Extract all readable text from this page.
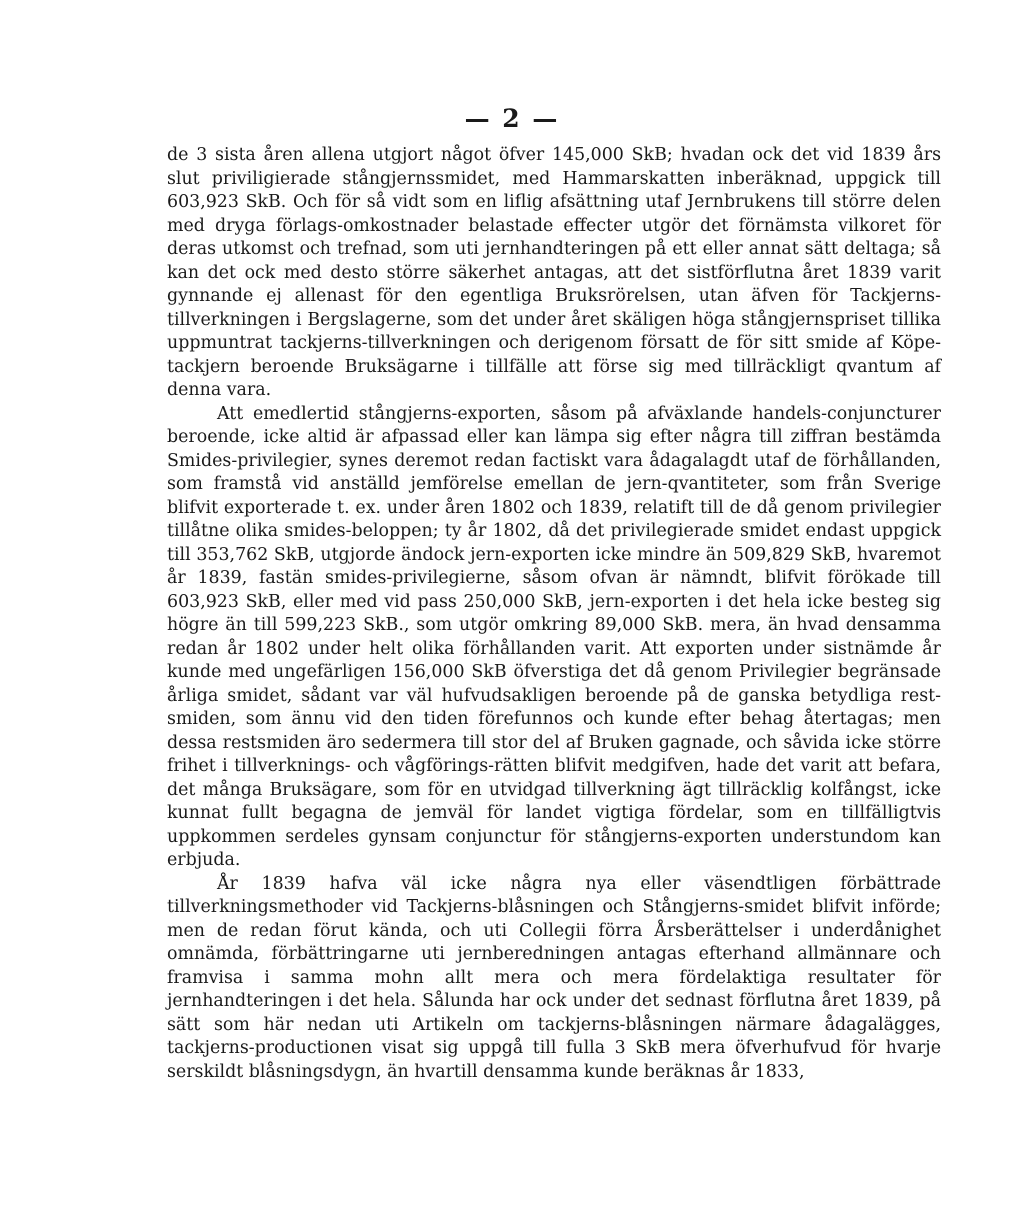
— 2 —

de 3 sista åren allena utgjort något öfver 145,000 SkB; hvadan ock det vid 1839 års slut priviligierade stångjernssmidet, med Hammarskatten inberäknad, uppgick till 603,923 SkB. Och för så vidt som en liflig afsättning utaf Jernbrukens till större delen med dryga förlags-omkostnader belastade effecter utgör det förnämsta vilkoret för deras utkomst och trefnad, som uti jernhandteringen på ett eller annat sätt deltaga; så kan det ock med desto större säkerhet antagas, att det sistförflutna året 1839 varit gynnande ej allenast för den egentliga Bruksrörelsen, utan äfven för Tackjerns-tillverkningen i Bergslagerne, som det under året skäligen höga stångjernspriset tillika uppmuntrat tackjerns-tillverkningen och derigenom försatt de för sitt smide af Köpe-tackjern beroende Bruksägarne i tillfälle att förse sig med tillräckligt qvantum af denna vara.

Att emedlertid stångjerns-exporten, såsom på afväxlande handels-conjuncturer beroende, icke altid är afpassad eller kan lämpa sig efter några till ziffran bestämda Smides-privilegier, synes deremot redan factiskt vara ådagalagdt utaf de förhållanden, som framstå vid anställd jemförelse emellan de jern-qvantiteter, som från Sverige blifvit exporterade t. ex. under åren 1802 och 1839, relatift till de då genom privilegier tillåtne olika smides-beloppen; ty år 1802, då det privilegierade smidet endast uppgick till 353,762 SkB, utgjorde ändock jern-exporten icke mindre än 509,829 SkB, hvaremot år 1839, fastän smides-privilegierne, såsom ofvan är nämndt, blifvit förökade till 603,923 SkB, eller med vid pass 250,000 SkB, jern-exporten i det hela icke besteg sig högre än till 599,223 SkB., som utgör omkring 89,000 SkB. mera, än hvad densamma redan år 1802 under helt olika förhållanden varit. Att exporten under sistnämde år kunde med ungefärligen 156,000 SkB öfverstiga det då genom Privilegier begränsade årliga smidet, sådant var väl hufvudsakligen beroende på de ganska betydliga rest-smiden, som ännu vid den tiden förefunnos och kunde efter behag återtagas; men dessa restsmiden äro sedermera till stor del af Bruken gagnade, och såvida icke större frihet i tillverknings- och vågförings-rätten blifvit medgifven, hade det varit att befara, det många Bruksägare, som för en utvidgad tillverkning ägt tillräcklig kolfångst, icke kunnat fullt begagna de jemväl för landet vigtiga fördelar, som en tillfälligtvis uppkommen serdeles gynsam conjunctur för stångjerns-exporten understundom kan erbjuda.

År 1839 hafva väl icke några nya eller väsendtligen förbättrade tillverkningsmethoder vid Tackjerns-blåsningen och Stångjerns-smidet blifvit införde; men de redan förut kända, och uti Collegii förra Årsberättelser i underdånighet omnämda, förbättringarne uti jernberedningen antagas efterhand allmännare och framvisa i samma mohn allt mera och mera fördelaktiga resultater för jernhandteringen i det hela. Sålunda har ock under det sednast förflutna året 1839, på sätt som här nedan uti Artikeln om tackjerns-blåsningen närmare ådagalägges, tackjerns-productionen visat sig uppgå till fulla 3 SkB mera öfverhufvud för hvarje serskildt blåsningsdygn, än hvartill densamma kunde beräknas år 1833,
